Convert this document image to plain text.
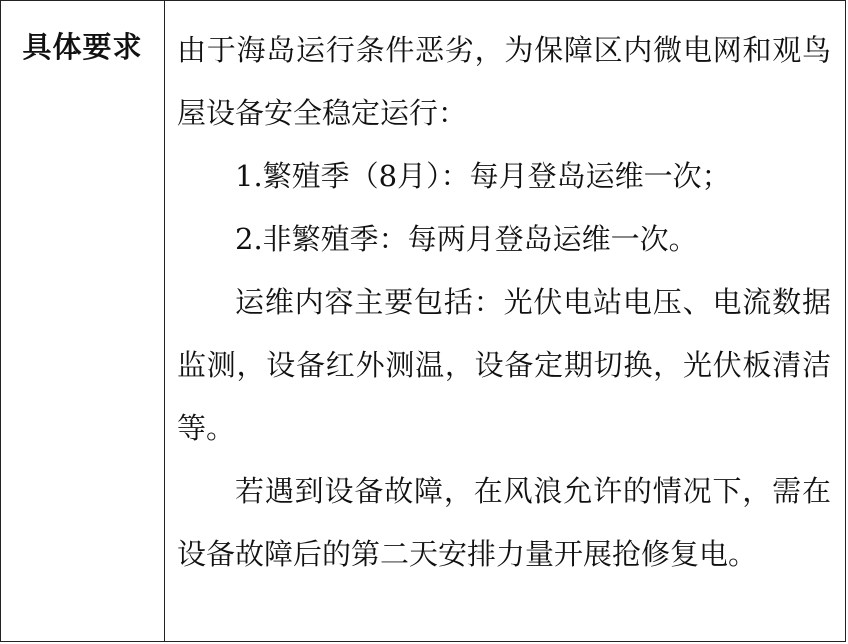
具体要求	由于海岛运行条件恶劣，为保障区内微电网和观鸟屋设备安全稳定运行：

1.繁殖季（8月）：每月登岛运维一次；

2.非繁殖季：每两月登岛运维一次。

运维内容主要包括：光伏电站电压、电流数据监测，设备红外测温，设备定期切换，光伏板清洁等。

若遇到设备故障，在风浪允许的情况下，需在设备故障后的第二天安排力量开展抢修复电。
